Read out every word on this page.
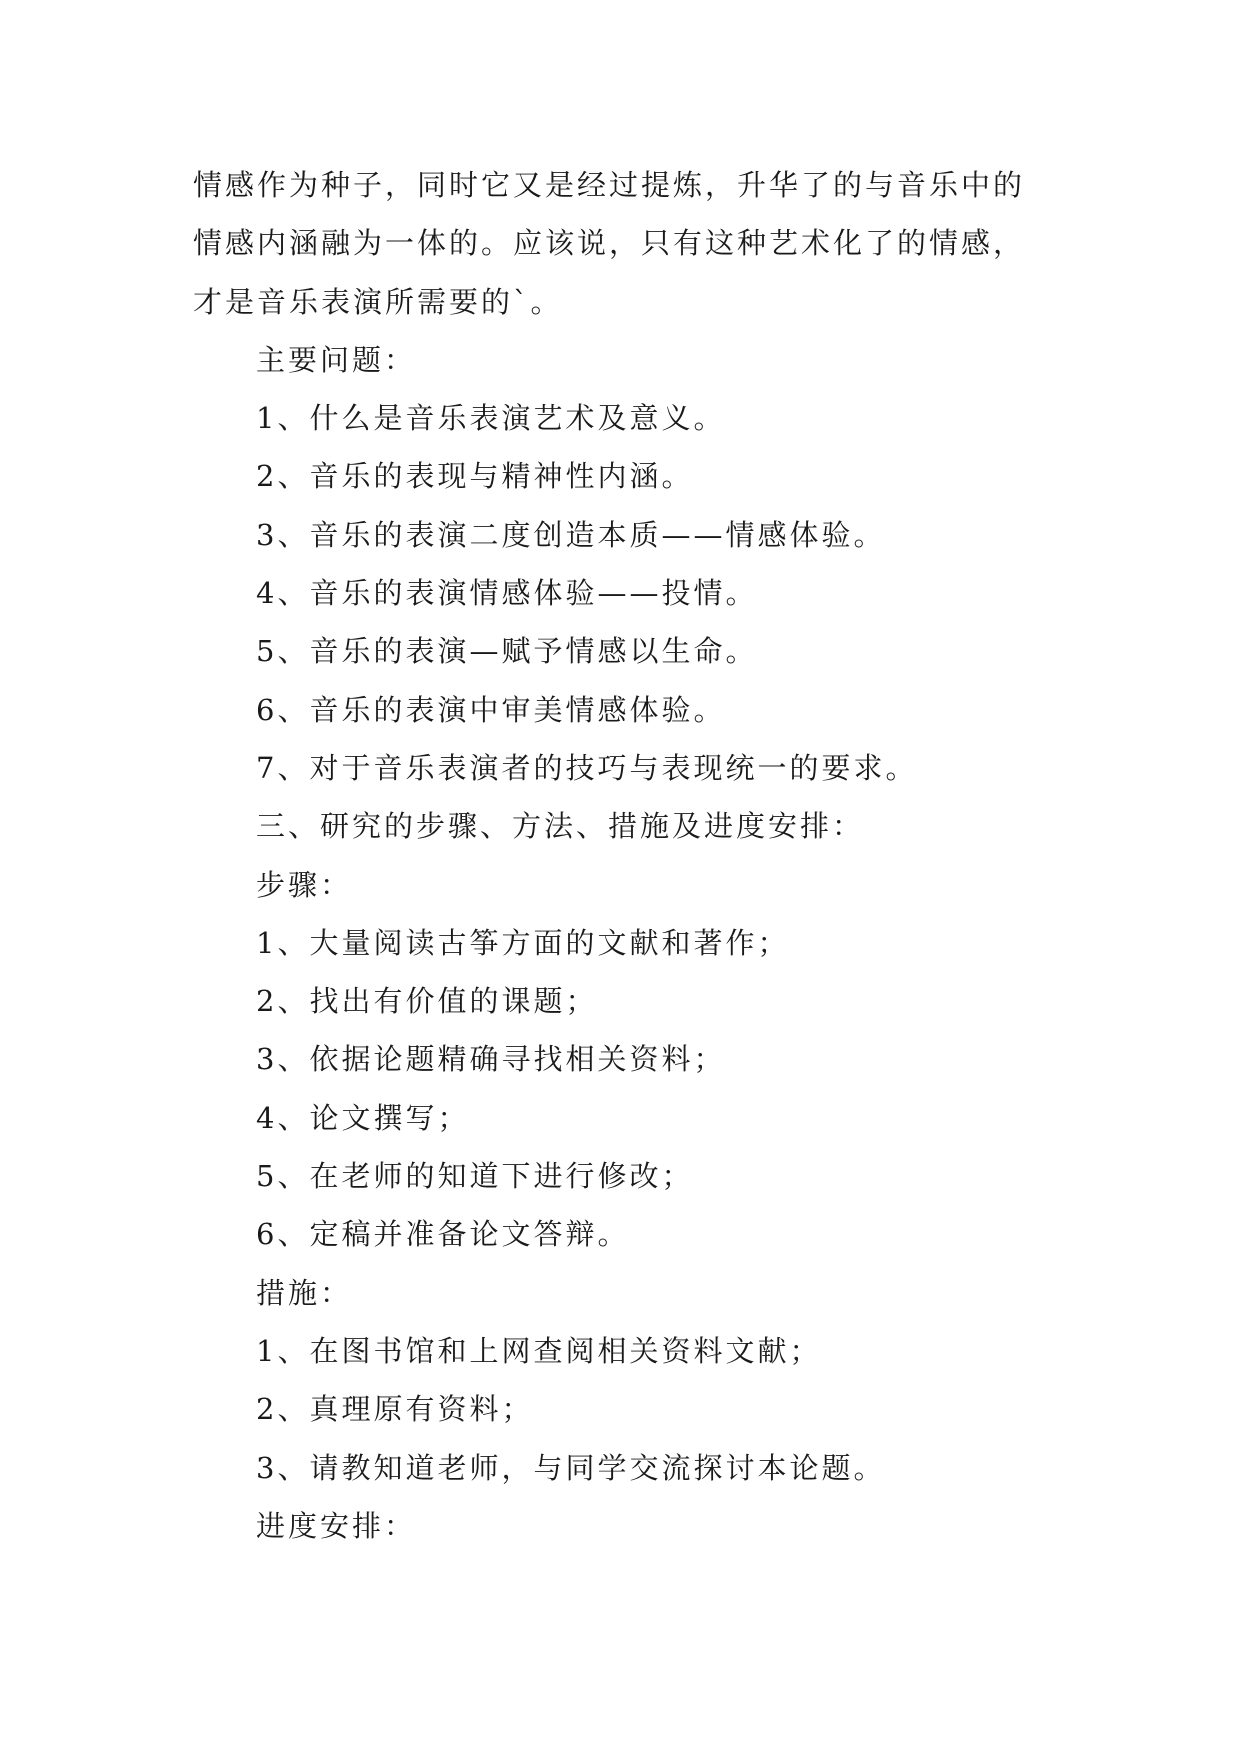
情感作为种子，同时它又是经过提炼，升华了的与音乐中的
情感内涵融为一体的。应该说，只有这种艺术化了的情感，
才是音乐表演所需要的`。
主要问题：
1、什么是音乐表演艺术及意义。
2、音乐的表现与精神性内涵。
3、音乐的表演二度创造本质——情感体验。
4、音乐的表演情感体验——投情。
5、音乐的表演—赋予情感以生命。
6、音乐的表演中审美情感体验。
7、对于音乐表演者的技巧与表现统一的要求。
三、研究的步骤、方法、措施及进度安排：
步骤：
1、大量阅读古筝方面的文献和著作；
2、找出有价值的课题；
3、依据论题精确寻找相关资料；
4、论文撰写；
5、在老师的知道下进行修改；
6、定稿并准备论文答辩。
措施：
1、在图书馆和上网查阅相关资料文献；
2、真理原有资料；
3、请教知道老师，与同学交流探讨本论题。
进度安排：
